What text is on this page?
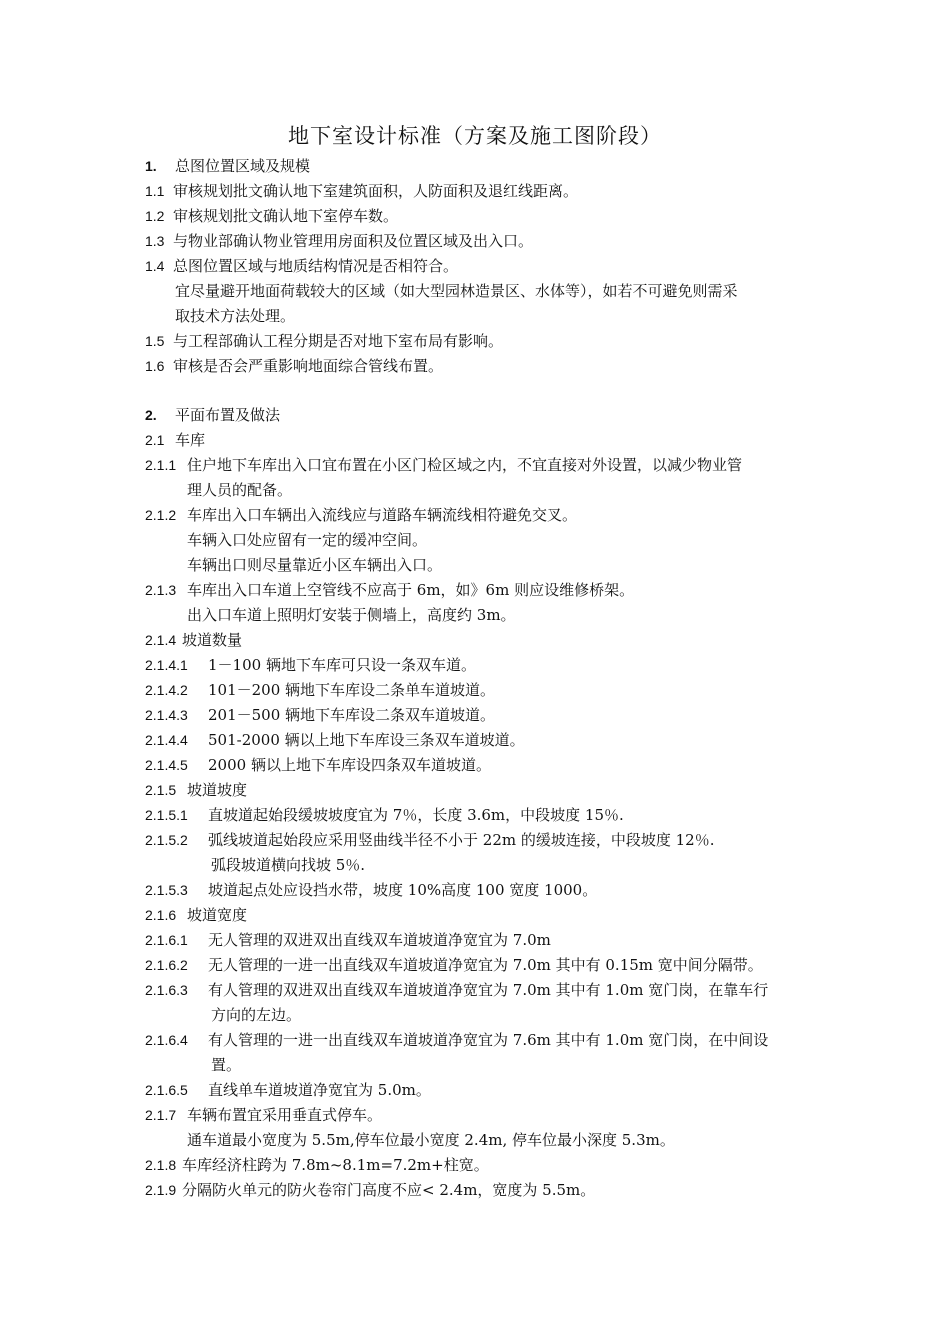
地下室设计标准（方案及施工图阶段）
1. 总图位置区域及规模
1.1 审核规划批文确认地下室建筑面积，人防面积及退红线距离。
1.2 审核规划批文确认地下室停车数。
1.3 与物业部确认物业管理用房面积及位置区域及出入口。
1.4 总图位置区域与地质结构情况是否相符合。
宜尽量避开地面荷载较大的区域（如大型园林造景区、水体等），如若不可避免则需采
取技术方法处理。
1.5 与工程部确认工程分期是否对地下室布局有影响。
1.6 审核是否会严重影响地面综合管线布置。
2. 平面布置及做法
2.1 车库
2.1.1 住户地下车库出入口宜布置在小区门检区域之内，不宜直接对外设置，以减少物业管
理人员的配备。
2.1.2 车库出入口车辆出入流线应与道路车辆流线相符避免交叉。
车辆入口处应留有一定的缓冲空间。
车辆出口则尽量靠近小区车辆出入口。
2.1.3 车库出入口车道上空管线不应高于 6m，如》6m 则应设维修桥架。
出入口车道上照明灯安装于侧墙上，高度约 3m。
2.1.4 坡道数量
2.1.4.1 1－100 辆地下车库可只设一条双车道。
2.1.4.2 101－200 辆地下车库设二条单车道坡道。
2.1.4.3 201－500 辆地下车库设二条双车道坡道。
2.1.4.4 501-2000 辆以上地下车库设三条双车道坡道。
2.1.4.5 2000 辆以上地下车库设四条双车道坡道。
2.1.5 坡道坡度
2.1.5.1 直坡道起始段缓坡坡度宜为 7％，长度 3.6m，中段坡度 15％.
2.1.5.2 弧线坡道起始段应采用竖曲线半径不小于 22m 的缓坡连接，中段坡度 12％.
弧段坡道横向找坡 5％.
2.1.5.3 坡道起点处应设挡水带，坡度 10%高度 100 宽度 1000。
2.1.6 坡道宽度
2.1.6.1 无人管理的双进双出直线双车道坡道净宽宜为 7.0m
2.1.6.2 无人管理的一进一出直线双车道坡道净宽宜为 7.0m 其中有 0.15m 宽中间分隔带。
2.1.6.3 有人管理的双进双出直线双车道坡道净宽宜为 7.0m 其中有 1.0m 宽门岗，在靠车行
方向的左边。
2.1.6.4 有人管理的一进一出直线双车道坡道净宽宜为 7.6m 其中有 1.0m 宽门岗，在中间设
置。
2.1.6.5 直线单车道坡道净宽宜为 5.0m。
2.1.7 车辆布置宜采用垂直式停车。
通车道最小宽度为 5.5m,停车位最小宽度 2.4m, 停车位最小深度 5.3m。
2.1.8 车库经济柱跨为 7.8m~8.1m=7.2m+柱宽。
2.1.9 分隔防火单元的防火卷帘门高度不应< 2.4m，宽度为 5.5m。
